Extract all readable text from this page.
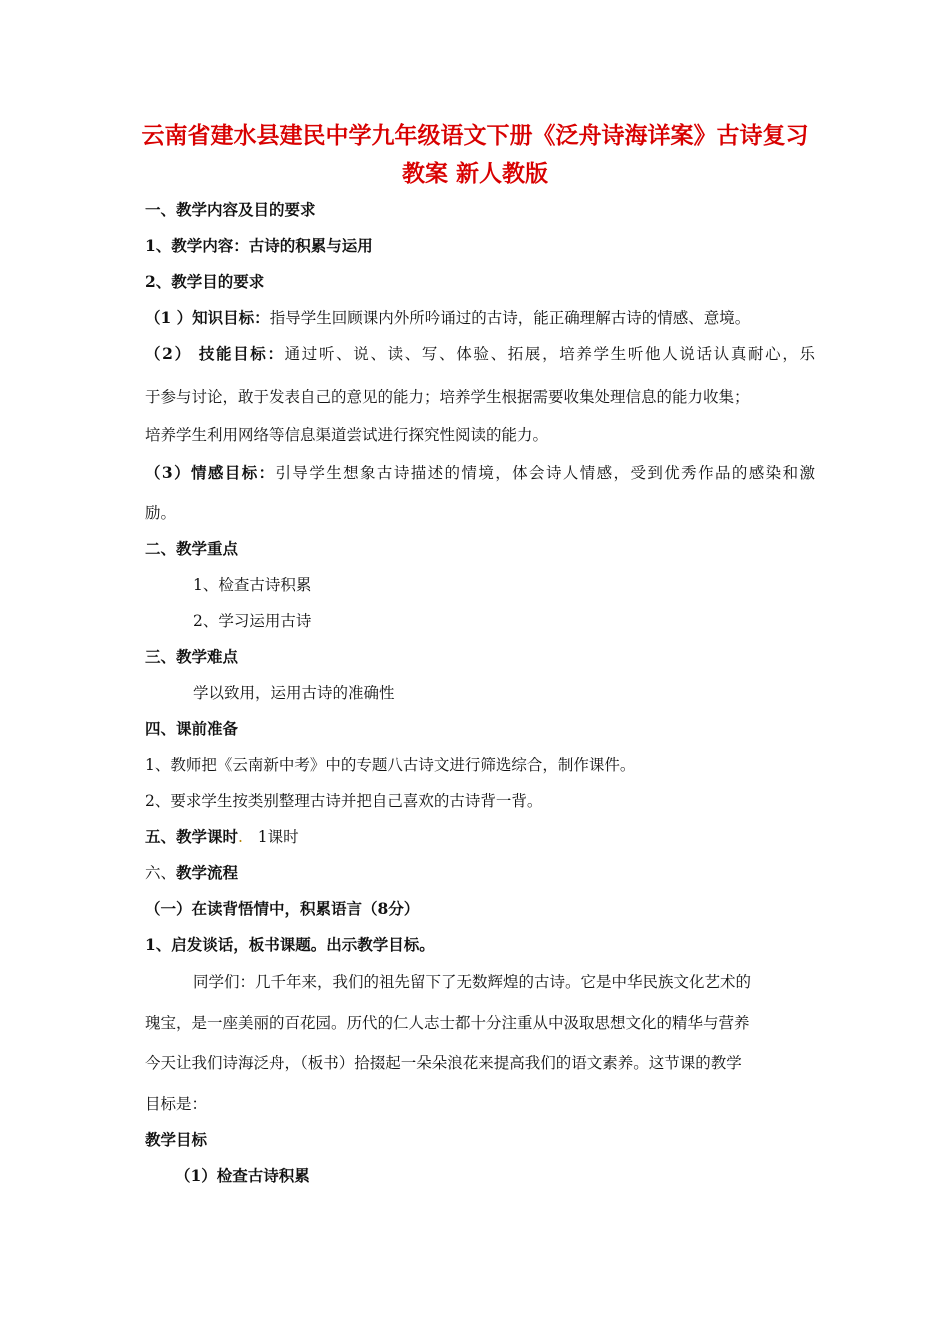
云南省建水县建民中学九年级语文下册《泛舟诗海详案》古诗复习
教案 新人教版
一、教学内容及目的要求
1、教学内容：古诗的积累与运用
2、教学目的要求
（1 ）知识目标：指导学生回顾课内外所吟诵过的古诗，能正确理解古诗的情感、意境。
（2） 技能目标：通过听、说、读、写、体验、拓展，培养学生听他人说话认真耐心，乐
于参与讨论，敢于发表自己的意见的能力；培养学生根据需要收集处理信息的能力收集；
培养学生利用网络等信息渠道尝试进行探究性阅读的能力。
（3）情感目标：引导学生想象古诗描述的情境，体会诗人情感，受到优秀作品的感染和激
励。
二、教学重点
1、检查古诗积累
2、学习运用古诗
三、教学难点
学以致用，运用古诗的准确性
四、课前准备
1、教师把《云南新中考》中的专题八古诗文进行筛选综合，制作课件。
2、要求学生按类别整理古诗并把自己喜欢的古诗背一背。
五、教学课时. 1课时
六、教学流程
（一）在读背悟情中，积累语言（8分）
1、启发谈话，板书课题。出示教学目标。
同学们：几千年来，我们的祖先留下了无数辉煌的古诗。它是中华民族文化艺术的
瑰宝，是一座美丽的百花园。历代的仁人志士都十分注重从中汲取思想文化的精华与营养
今天让我们诗海泛舟，（板书）拾掇起一朵朵浪花来提高我们的语文素养。这节课的教学
目标是：
教学目标
（1）检查古诗积累
